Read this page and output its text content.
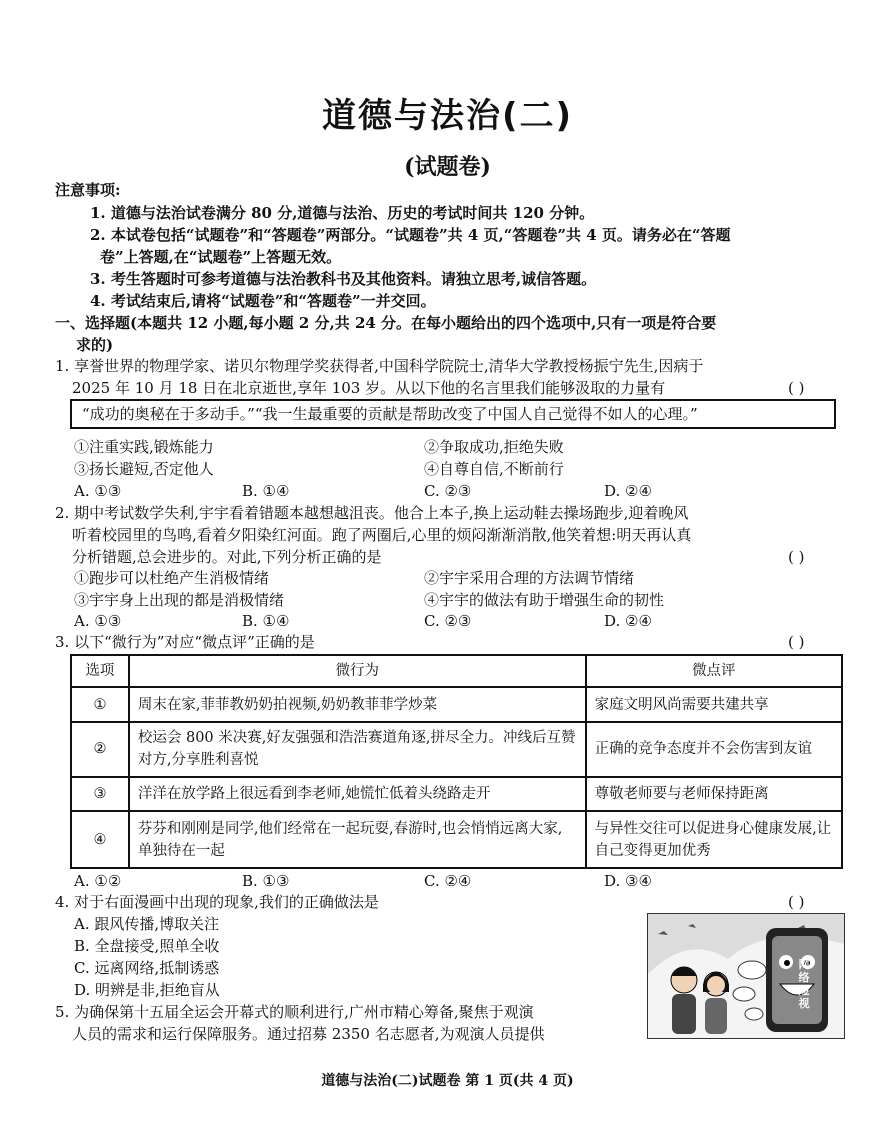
道德与法治(二)
(试题卷)
注意事项:
1. 道德与法治试卷满分 80 分,道德与法治、历史的考试时间共 120 分钟。
2. 本试卷包括“试题卷”和“答题卷”两部分。“试题卷”共 4 页,“答题卷”共 4 页。请务必在“答题
卷”上答题,在“试题卷”上答题无效。
3. 考生答题时可参考道德与法治教科书及其他资料。请独立思考,诚信答题。
4. 考试结束后,请将“试题卷”和“答题卷”一并交回。
一、选择题(本题共 12 小题,每小题 2 分,共 24 分。在每小题给出的四个选项中,只有一项是符合要
求的)
1. 享誉世界的物理学家、诺贝尔物理学奖获得者,中国科学院院士,清华大学教授杨振宁先生,因病于
2025 年 10 月 18 日在北京逝世,享年 103 岁。从以下他的名言里我们能够汲取的力量有	( )
“成功的奥秘在于多动手。”“我一生最重要的贡献是帮助改变了中国人自己觉得不如人的心理。”
①注重实践,锻炼能力	②争取成功,拒绝失败
③扬长避短,否定他人	④自尊自信,不断前行
A. ①③	B. ①④	C. ②③	D. ②④
2. 期中考试数学失利,宇宇看着错题本越想越沮丧。他合上本子,换上运动鞋去操场跑步,迎着晚风
听着校园里的鸟鸣,看着夕阳染红河面。跑了两圈后,心里的烦闷渐渐消散,他笑着想:明天再认真
分析错题,总会进步的。对此,下列分析正确的是	( )
①跑步可以杜绝产生消极情绪	②宇宇采用合理的方法调节情绪
③宇宇身上出现的都是消极情绪	④宇宇的做法有助于增强生命的韧性
A. ①③	B. ①④	C. ②③	D. ②④
3. 以下“微行为”对应“微点评”正确的是	( )
选项	微行为	微点评
①	周末在家,菲菲教奶奶拍视频,奶奶教菲菲学炒菜	家庭文明风尚需要共建共享
②	校运会 800 米决赛,好友强强和浩浩赛道角逐,拼尽全力。冲线后互赞对方,分享胜利喜悦	正确的竞争态度并不会伤害到友谊
③	洋洋在放学路上很远看到李老师,她慌忙低着头绕路走开	尊敬老师要与老师保持距离
④	芬芬和刚刚是同学,他们经常在一起玩耍,春游时,也会悄悄远离大家,单独待在一起	与异性交往可以促进身心健康发展,让自己变得更加优秀
A. ①②	B. ①③	C. ②④	D. ③④
4. 对于右面漫画中出现的现象,我们的正确做法是	( )
A. 跟风传播,博取关注
B. 全盘接受,照单全收
C. 远离网络,抵制诱惑
D. 明辨是非,拒绝盲从
网络短视
5. 为确保第十五届全运会开幕式的顺利进行,广州市精心筹备,聚焦于观演
人员的需求和运行保障服务。通过招募 2350 名志愿者,为观演人员提供
道德与法治(二)试题卷 第 1 页(共 4 页)
